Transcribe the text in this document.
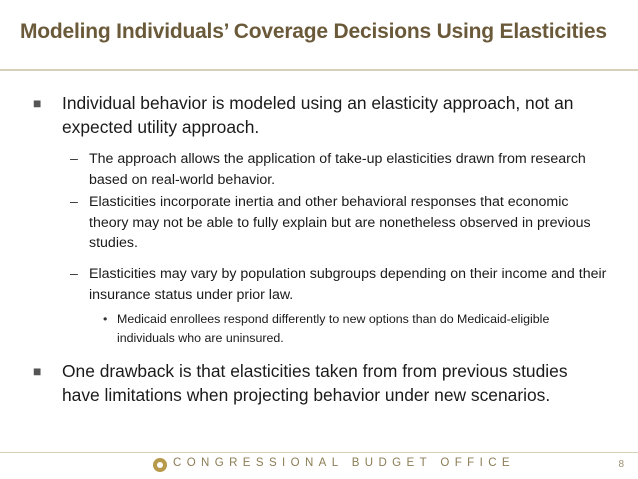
Modeling Individuals’ Coverage Decisions Using Elasticities
■ Individual behavior is modeled using an elasticity approach, not an expected utility approach.
– The approach allows the application of take-up elasticities drawn from research based on real-world behavior.
– Elasticities incorporate inertia and other behavioral responses that economic theory may not be able to fully explain but are nonetheless observed in previous studies.
– Elasticities may vary by population subgroups depending on their income and their insurance status under prior law.
• Medicaid enrollees respond differently to new options than do Medicaid-eligible individuals who are uninsured.
■ One drawback is that elasticities taken from from previous studies have limitations when projecting behavior under new scenarios.
CONGRESSIONAL BUDGET OFFICE	8
